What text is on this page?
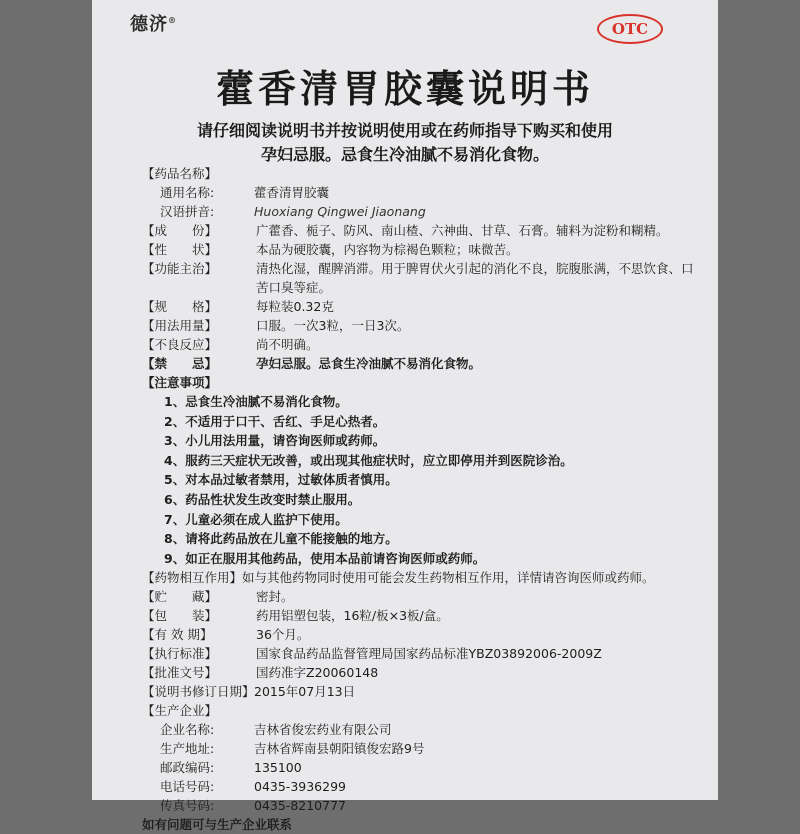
德济®	OTC
藿香清胃胶囊说明书
请仔细阅读说明书并按说明使用或在药师指导下购买和使用
孕妇忌服。忌食生冷油腻不易消化食物。
【药品名称】
通用名称:	藿香清胃胶囊
汉语拼音:	Huoxiang Qingwei Jiaonang
【成　　份】	广藿香、栀子、防风、南山楂、六神曲、甘草、石膏。辅料为淀粉和糊精。
【性　　状】	本品为硬胶囊，内容物为棕褐色颗粒；味微苦。
【功能主治】	清热化湿，醒脾消滞。用于脾胃伏火引起的消化不良，脘腹胀满，不思饮食、口苦口臭等症。
【规　　格】	每粒装0.32克
【用法用量】	口服。一次3粒，一日3次。
【不良反应】	尚不明确。
【禁　　忌】	孕妇忌服。忌食生冷油腻不易消化食物。
【注意事项】

1、忌食生冷油腻不易消化食物。

2、不适用于口干、舌红、手足心热者。

3、小儿用法用量，请咨询医师或药师。

4、服药三天症状无改善，或出现其他症状时，应立即停用并到医院诊治。

5、对本品过敏者禁用，过敏体质者慎用。

6、药品性状发生改变时禁止服用。

7、儿童必须在成人监护下使用。

8、请将此药品放在儿童不能接触的地方。

9、如正在服用其他药品，使用本品前请咨询医师或药师。

【药物相互作用】 如与其他药物同时使用可能会发生药物相互作用，详情请咨询医师或药师。
【贮　　藏】	密封。
【包　　装】	药用铝塑包装，16粒/板×3板/盒。
【有 效 期】	36个月。
【执行标准】	国家食品药品监督管理局国家药品标准YBZ03892006-2009Z
【批准文号】	国药准字Z20060148
【说明书修订日期】 2015年07月13日
【生产企业】
企业名称:	吉林省俊宏药业有限公司
生产地址:	吉林省辉南县朝阳镇俊宏路9号
邮政编码:	135100
电话号码:	0435-3936299
传真号码:	0435-8210777
如有问题可与生产企业联系
